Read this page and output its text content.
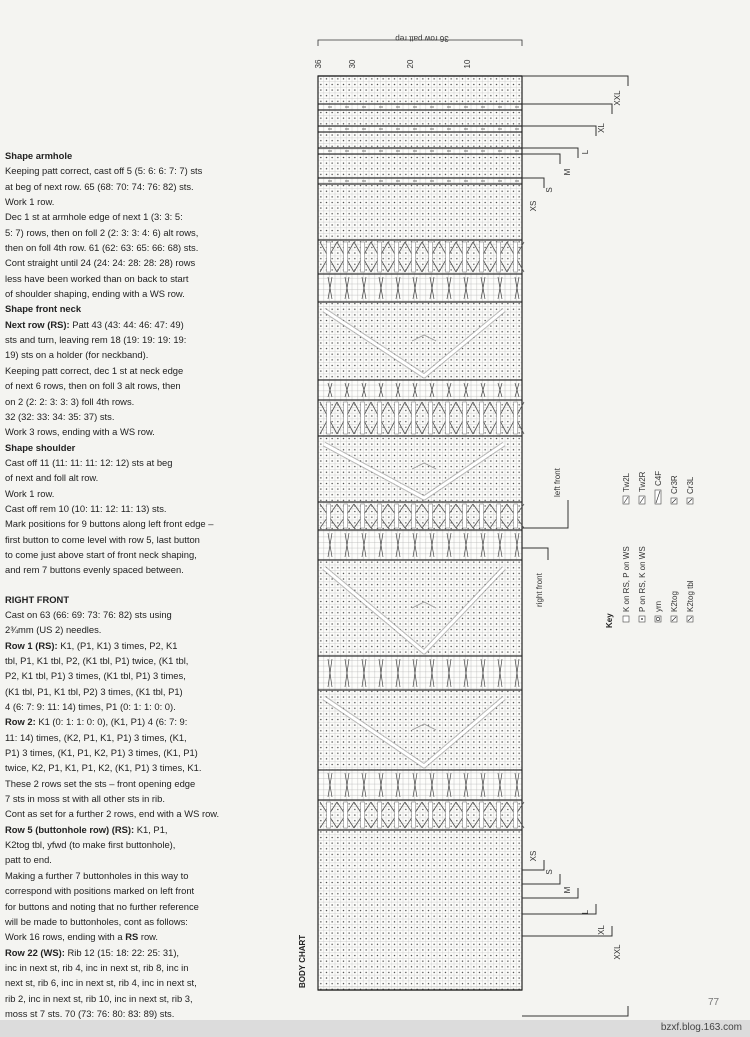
Shape armhole
Keeping patt correct, cast off 5 (5: 6: 6: 7: 7) sts
at beg of next row. 65 (68: 70: 74: 76: 82) sts.
Work 1 row.
Dec 1 st at armhole edge of next 1 (3: 3: 5:
5: 7) rows, then on foll 2 (2: 3: 3: 4: 6) alt rows,
then on foll 4th row. 61 (62: 63: 65: 66: 68) sts.
Cont straight until 24 (24: 24: 28: 28: 28) rows
less have been worked than on back to start
of shoulder shaping, ending with a WS row.
Shape front neck
Next row (RS): Patt 43 (43: 44: 46: 47: 49)
sts and turn, leaving rem 18 (19: 19: 19: 19:
19) sts on a holder (for neckband).
Keeping patt correct, dec 1 st at neck edge
of next 6 rows, then on foll 3 alt rows, then
on 2 (2: 2: 3: 3: 3) foll 4th rows.
32 (32: 33: 34: 35: 37) sts.
Work 3 rows, ending with a WS row.
Shape shoulder
Cast off 11 (11: 11: 11: 12: 12) sts at beg
of next and foll alt row.
Work 1 row.
Cast off rem 10 (10: 11: 12: 11: 13) sts.
Mark positions for 9 buttons along left front edge –
first button to come level with row 5, last button
to come just above start of front neck shaping,
and rem 7 buttons evenly spaced between.
RIGHT FRONT
Cast on 63 (66: 69: 73: 76: 82) sts using
2¾mm (US 2) needles.
Row 1 (RS): K1, (P1, K1) 3 times, P2, K1
tbl, P1, K1 tbl, P2, (K1 tbl, P1) twice, (K1 tbl,
P2, K1 tbl, P1) 3 times, (K1 tbl, P1) 3 times,
(K1 tbl, P1, K1 tbl, P2) 3 times, (K1 tbl, P1)
4 (6: 7: 9: 11: 14) times, P1 (0: 1: 1: 0: 0).
Row 2: K1 (0: 1: 1: 0: 0), (K1, P1) 4 (6: 7: 9:
11: 14) times, (K2, P1, K1, P1) 3 times, (K1,
P1) 3 times, (K1, P1, K2, P1) 3 times, (K1, P1)
twice, K2, P1, K1, P1, K2, (K1, P1) 3 times, K1.
These 2 rows set the sts – front opening edge
7 sts in moss st with all other sts in rib.
Cont as set for a further 2 rows, end with a WS row.
Row 5 (buttonhole row) (RS): K1, P1,
K2tog tbl, yfwd (to make first buttonhole),
patt to end.
Making a further 7 buttonholes in this way to
correspond with positions marked on left front
for buttons and noting that no further reference
will be made to buttonholes, cont as follows:
Work 16 rows, ending with a RS row.
Row 22 (WS): Rib 12 (15: 18: 22: 25: 31),
inc in next st, rib 4, inc in next st, rib 8, inc in
next st, rib 6, inc in next st, rib 4, inc in next st,
rib 2, inc in next st, rib 10, inc in next st, rib 3,
moss st 7 sts. 70 (73: 76: 80: 83: 89) sts.
36 row patt rep
36	30	20	10
BODY CHART
left front
right front
XXL
XL
L
M
S
XS
XS
S
M
L
XL
XXL
Key
K on RS, P on WS P on RS, K on WS yrn K2tog K2tog tbl
Tw2L Tw2R C4F Cr3R Cr3L
77
bzxf.blog.163.com
